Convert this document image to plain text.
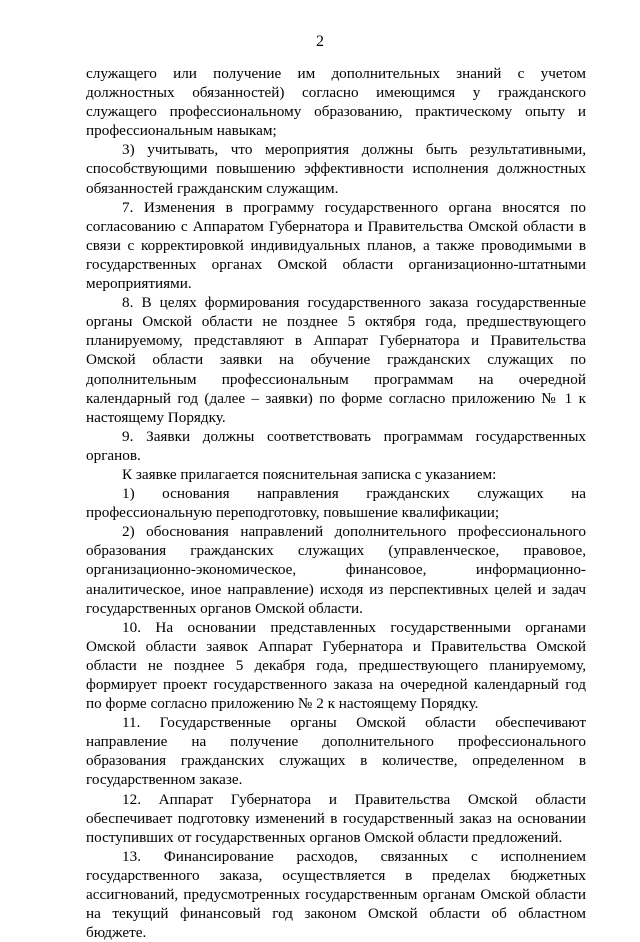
2

служащего или получение им дополнительных знаний с учетом должностных обязанностей) согласно имеющимся у гражданского служащего профессиональному образованию, практическому опыту и профессиональным навыкам;

3) учитывать, что мероприятия должны быть результативными, способствующими повышению эффективности исполнения должностных обязанностей гражданским служащим.

7. Изменения в программу государственного органа вносятся по согласованию с Аппаратом Губернатора и Правительства Омской области в связи с корректировкой индивидуальных планов, а также проводимыми в государственных органах Омской области организационно-штатными мероприятиями.

8. В целях формирования государственного заказа государственные органы Омской области не позднее 5 октября года, предшествующего планируемому, представляют в Аппарат Губернатора и Правительства Омской области заявки на обучение гражданских служащих по дополнительным профессиональным программам на очередной календарный год (далее – заявки) по форме согласно приложению № 1 к настоящему Порядку.

9. Заявки должны соответствовать программам государственных органов.

К заявке прилагается пояснительная записка с указанием:

1) основания направления гражданских служащих на профессиональную переподготовку, повышение квалификации;

2) обоснования направлений дополнительного профессионального образования гражданских служащих (управленческое, правовое, организационно-экономическое, финансовое, информационно-аналитическое, иное направление) исходя из перспективных целей и задач государственных органов Омской области.

10. На основании представленных государственными органами Омской области заявок Аппарат Губернатора и Правительства Омской области не позднее 5 декабря года, предшествующего планируемому, формирует проект государственного заказа на очередной календарный год по форме согласно приложению № 2 к настоящему Порядку.

11. Государственные органы Омской области обеспечивают направление на получение дополнительного профессионального образования гражданских служащих в количестве, определенном в государственном заказе.

12. Аппарат Губернатора и Правительства Омской области обеспечивает подготовку изменений в государственный заказ на основании поступивших от государственных органов Омской области предложений.

13. Финансирование расходов, связанных с исполнением государственного заказа, осуществляется в пределах бюджетных ассигнований, предусмотренных государственным органам Омской области на текущий финансовый год законом Омской области об областном бюджете.
